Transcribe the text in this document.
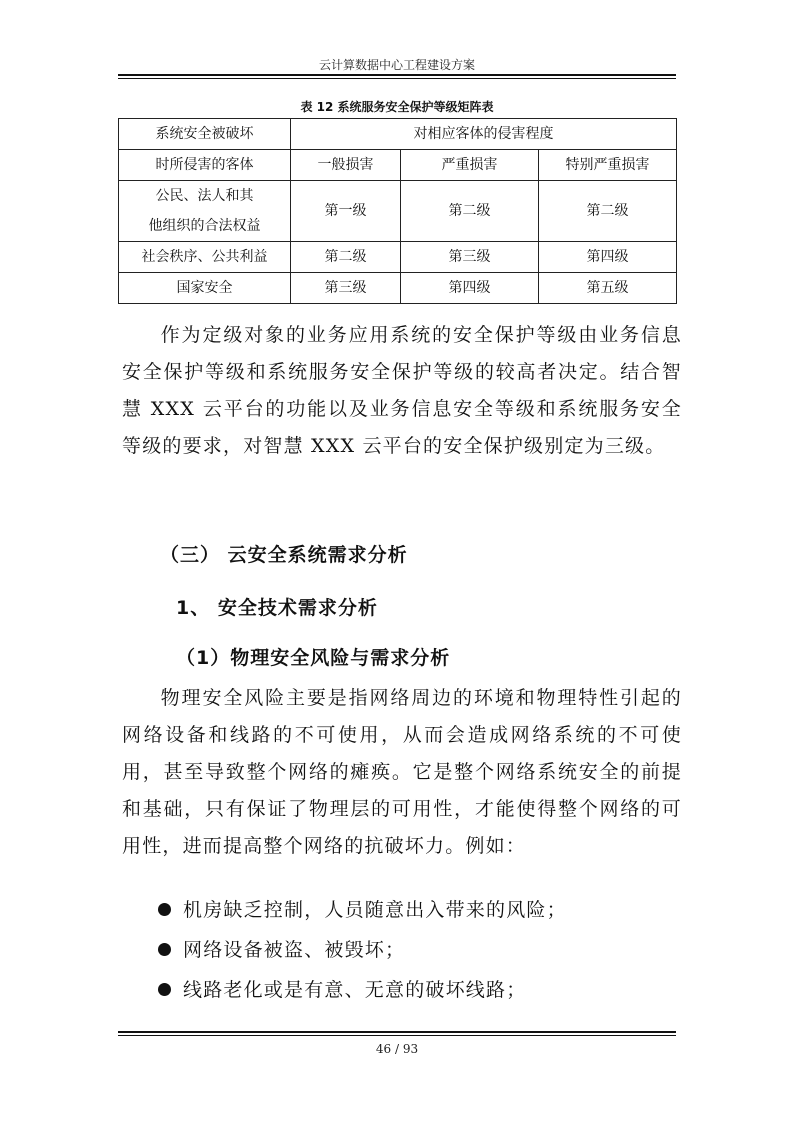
云计算数据中心工程建设方案
表 12 系统服务安全保护等级矩阵表
系统安全被破坏	对相应客体的侵害程度		
时所侵害的客体	一般损害	严重损害	特别严重损害

公民、法人和其
他组织的合法权益	第一级	第二级	第二级
社会秩序、公共利益	第二级	第三级	第四级
国家安全	第三级	第四级	第五级

作为定级对象的业务应用系统的安全保护等级由业务信息安全保护等级和系统服务安全保护等级的较高者决定。结合智慧 XXX 云平台的功能以及业务信息安全等级和系统服务安全等级的要求，对智慧 XXX 云平台的安全保护级别定为三级。

（三） 云安全系统需求分析

1、 安全技术需求分析

（1）物理安全风险与需求分析

物理安全风险主要是指网络周边的环境和物理特性引起的网络设备和线路的不可使用，从而会造成网络系统的不可使用，甚至导致整个网络的瘫痪。它是整个网络系统安全的前提和基础，只有保证了物理层的可用性，才能使得整个网络的可用性，进而提高整个网络的抗破坏力。例如：

机房缺乏控制，人员随意出入带来的风险；
网络设备被盗、被毁坏；
线路老化或是有意、无意的破坏线路；
46 / 93
